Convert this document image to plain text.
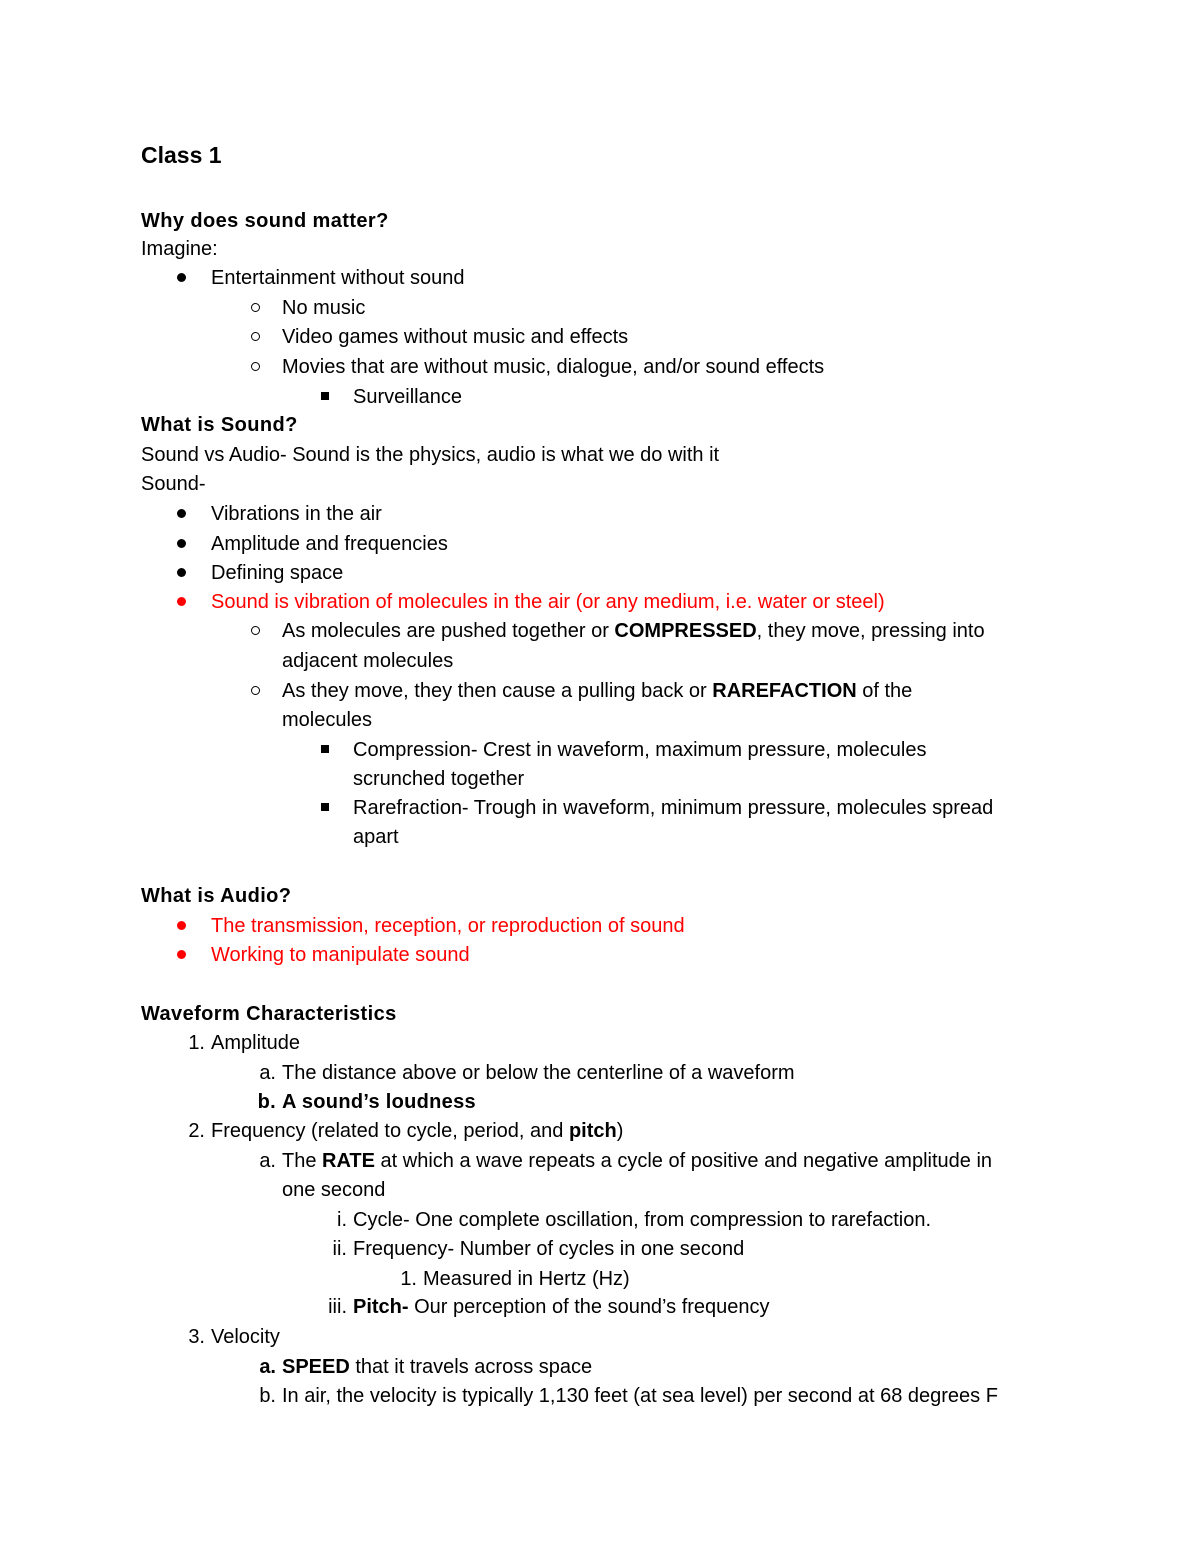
Class 1
Why does sound matter?
Imagine:
Entertainment without sound
No music
Video games without music and effects
Movies that are without music, dialogue, and/or sound effects
Surveillance
What is Sound?
Sound vs Audio- Sound is the physics, audio is what we do with it
Sound-
Vibrations in the air
Amplitude and frequencies
Defining space
Sound is vibration of molecules in the air (or any medium, i.e. water or steel)
As molecules are pushed together or COMPRESSED, they move, pressing into
adjacent molecules
As they move, they then cause a pulling back or RAREFACTION of the
molecules
Compression- Crest in waveform, maximum pressure, molecules
scrunched together
Rarefraction- Trough in waveform, minimum pressure, molecules spread
apart
What is Audio?
The transmission, reception, or reproduction of sound
Working to manipulate sound
Waveform Characteristics
1. Amplitude
a. The distance above or below the centerline of a waveform
b. A sound’s loudness
2. Frequency (related to cycle, period, and pitch)
a. The RATE at which a wave repeats a cycle of positive and negative amplitude in
one second
i. Cycle- One complete oscillation, from compression to rarefaction.
ii. Frequency- Number of cycles in one second
1. Measured in Hertz (Hz)
iii. Pitch- Our perception of the sound’s frequency
3. Velocity
a. SPEED that it travels across space
b. In air, the velocity is typically 1,130 feet (at sea level) per second at 68 degrees F
